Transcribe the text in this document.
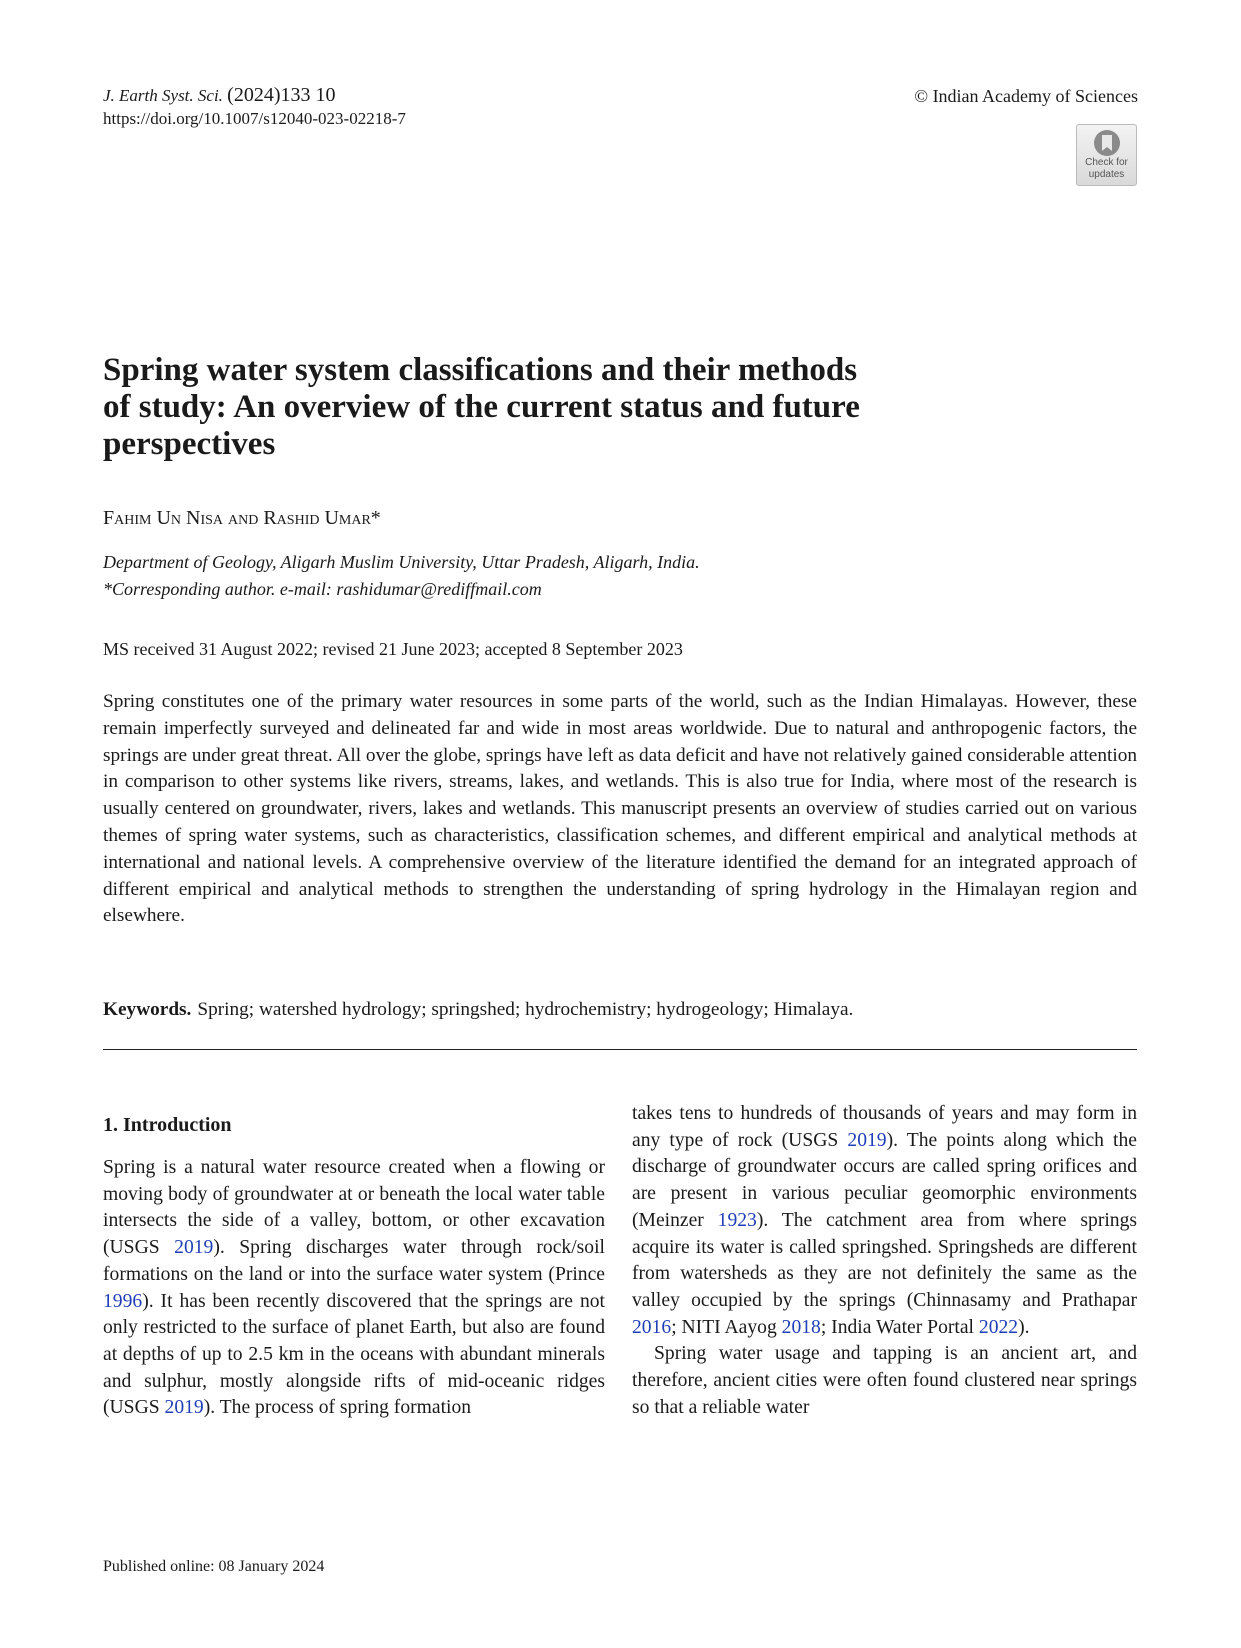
J. Earth Syst. Sci. (2024)133 10
https://doi.org/10.1007/s12040-023-02218-7
© Indian Academy of Sciences
Check for
updates
Spring water system classifications and their methods
of study: An overview of the current status and future
perspectives
Fahim Un Nisa and Rashid Umar*
Department of Geology, Aligarh Muslim University, Uttar Pradesh, Aligarh, India.
*Corresponding author. e-mail: rashidumar@rediffmail.com
MS received 31 August 2022; revised 21 June 2023; accepted 8 September 2023

Spring constitutes one of the primary water resources in some parts of the world, such as the Indian Himalayas. However, these remain imperfectly surveyed and delineated far and wide in most areas worldwide. Due to natural and anthropogenic factors, the springs are under great threat. All over the globe, springs have left as data deficit and have not relatively gained considerable attention in comparison to other systems like rivers, streams, lakes, and wetlands. This is also true for India, where most of the research is usually centered on groundwater, rivers, lakes and wetlands. This manuscript presents an overview of studies carried out on various themes of spring water systems, such as characteristics, classification schemes, and different empirical and analytical methods at international and national levels. A comprehensive overview of the literature identified the demand for an integrated approach of different empirical and analytical methods to strengthen the understanding of spring hydrology in the Himalayan region and elsewhere.

Keywords. Spring; watershed hydrology; springshed; hydrochemistry; hydrogeology; Himalaya.
1. Introduction

Spring is a natural water resource created when a flowing or moving body of groundwater at or beneath the local water table intersects the side of a valley, bottom, or other excavation (USGS 2019). Spring discharges water through rock/soil formations on the land or into the surface water system (Prince 1996). It has been recently discovered that the springs are not only restricted to the surface of planet Earth, but also are found at depths of up to 2.5 km in the oceans with abundant minerals and sulphur, mostly alongside rifts of mid-oceanic ridges (USGS 2019). The process of spring formation

takes tens to hundreds of thousands of years and may form in any type of rock (USGS 2019). The points along which the discharge of groundwater occurs are called spring orifices and are present in various peculiar geomorphic environments (Meinzer 1923). The catchment area from where springs acquire its water is called springshed. Springsheds are different from watersheds as they are not definitely the same as the valley occupied by the springs (Chinnasamy and Prathapar 2016; NITI Aayog 2018; India Water Portal 2022).

Spring water usage and tapping is an ancient art, and therefore, ancient cities were often found clustered near springs so that a reliable water

Published online: 08 January 2024
